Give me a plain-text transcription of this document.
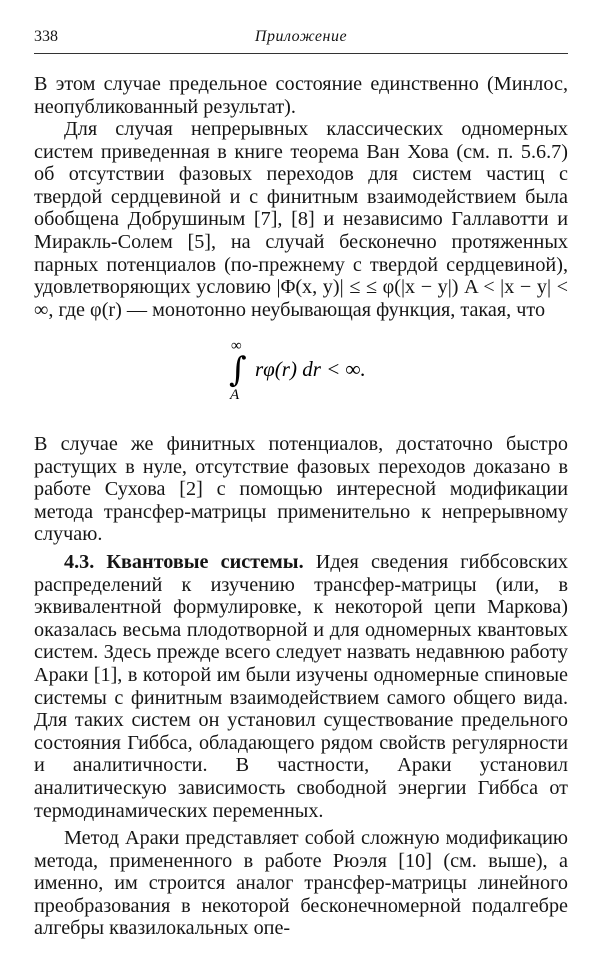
338	Приложение

В этом случае предельное состояние единственно (Минлос, неопубликованный результат).

Для случая непрерывных классических одномерных систем приведенная в книге теорема Ван Хова (см. п. 5.6.7) об отсутствии фазовых переходов для систем частиц с твердой сердцевиной и с финитным взаимодействием была обобщена Добрушиным [7], [8] и независимо Галлавотти и Миракль-Солем [5], на случай бесконечно протяженных парных потенциалов (по-прежнему с твердой сердцевиной), удовлетворяющих условию |Φ(x, y)| ≤ ≤ φ(|x − y|) A < |x − y| < ∞, где φ(r) — монотонно неубывающая функция, такая, что

∞
∫
A
rφ(r) dr < ∞.

В случае же финитных потенциалов, достаточно быстро растущих в нуле, отсутствие фазовых переходов доказано в работе Сухова [2] с помощью интересной модификации метода трансфер-матрицы применительно к непрерывному случаю.

4.3. Квантовые системы. Идея сведения гиббсовских распределений к изучению трансфер-матрицы (или, в эквивалентной формулировке, к некоторой цепи Маркова) оказалась весьма плодотворной и для одномерных квантовых систем. Здесь прежде всего следует назвать недавнюю работу Араки [1], в которой им были изучены одномерные спиновые системы с финитным взаимодействием самого общего вида. Для таких систем он установил существование предельного состояния Гиббса, обладающего рядом свойств регулярности и аналитичности. В частности, Араки установил аналитическую зависимость свободной энергии Гиббса от термодинамических переменных.

Метод Араки представляет собой сложную модификацию метода, примененного в работе Рюэля [10] (см. выше), а именно, им строится аналог трансфер-матрицы линейного преобразования в некоторой бесконечномерной подалгебре алгебры квазилокальных опе-
